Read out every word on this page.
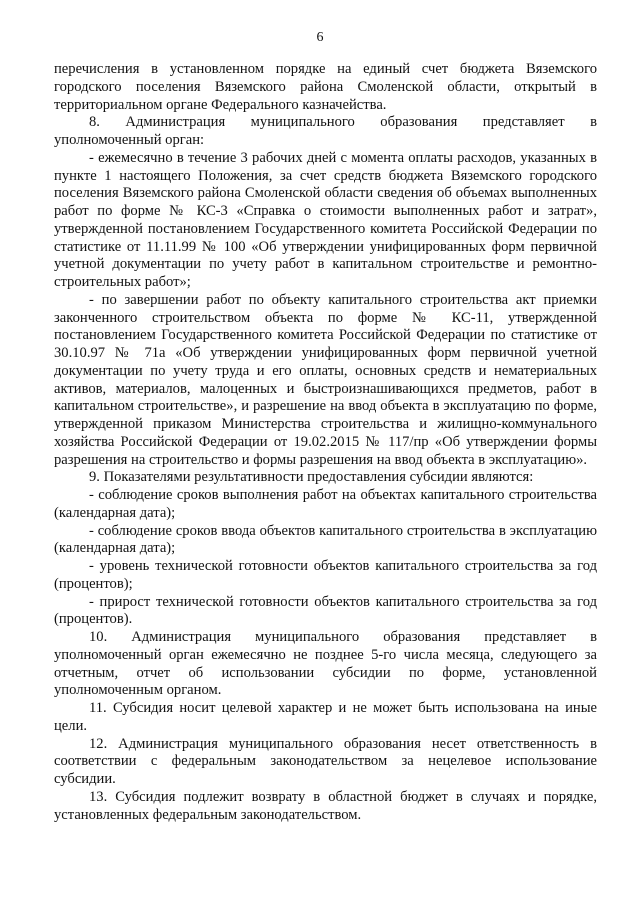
6

перечисления в установленном порядке на единый счет бюджета Вяземского городского поселения Вяземского района Смоленской области, открытый в территориальном органе Федерального казначейства.

8. Администрация муниципального образования представляет в уполномоченный орган:

- ежемесячно в течение 3 рабочих дней с момента оплаты расходов, указанных в пункте 1 настоящего Положения, за счет средств бюджета Вяземского городского поселения Вяземского района Смоленской области сведения об объемах выполненных работ по форме № КС-3 «Справка о стоимости выполненных работ и затрат», утвержденной постановлением Государственного комитета Российской Федерации по статистике от 11.11.99 № 100 «Об утверждении унифицированных форм первичной учетной документации по учету работ в капитальном строительстве и ремонтно-строительных работ»;

- по завершении работ по объекту капитального строительства акт приемки законченного строительством объекта по форме № КС-11, утвержденной постановлением Государственного комитета Российской Федерации по статистике от 30.10.97 № 71а «Об утверждении унифицированных форм первичной учетной документации по учету труда и его оплаты, основных средств и нематериальных активов, материалов, малоценных и быстроизнашивающихся предметов, работ в капитальном строительстве», и разрешение на ввод объекта в эксплуатацию по форме, утвержденной приказом Министерства строительства и жилищно-коммунального хозяйства Российской Федерации от 19.02.2015 № 117/пр «Об утверждении формы разрешения на строительство и формы разрешения на ввод объекта в эксплуатацию».

9. Показателями результативности предоставления субсидии являются:

- соблюдение сроков выполнения работ на объектах капитального строительства (календарная дата);

- соблюдение сроков ввода объектов капитального строительства в эксплуатацию (календарная дата);

- уровень технической готовности объектов капитального строительства за год (процентов);

- прирост технической готовности объектов капитального строительства за год (процентов).

10. Администрация муниципального образования представляет в уполномоченный орган ежемесячно не позднее 5-го числа месяца, следующего за отчетным, отчет об использовании субсидии по форме, установленной уполномоченным органом.

11. Субсидия носит целевой характер и не может быть использована на иные цели.

12. Администрация муниципального образования несет ответственность в соответствии с федеральным законодательством за нецелевое использование субсидии.

13. Субсидия подлежит возврату в областной бюджет в случаях и порядке, установленных федеральным законодательством.
